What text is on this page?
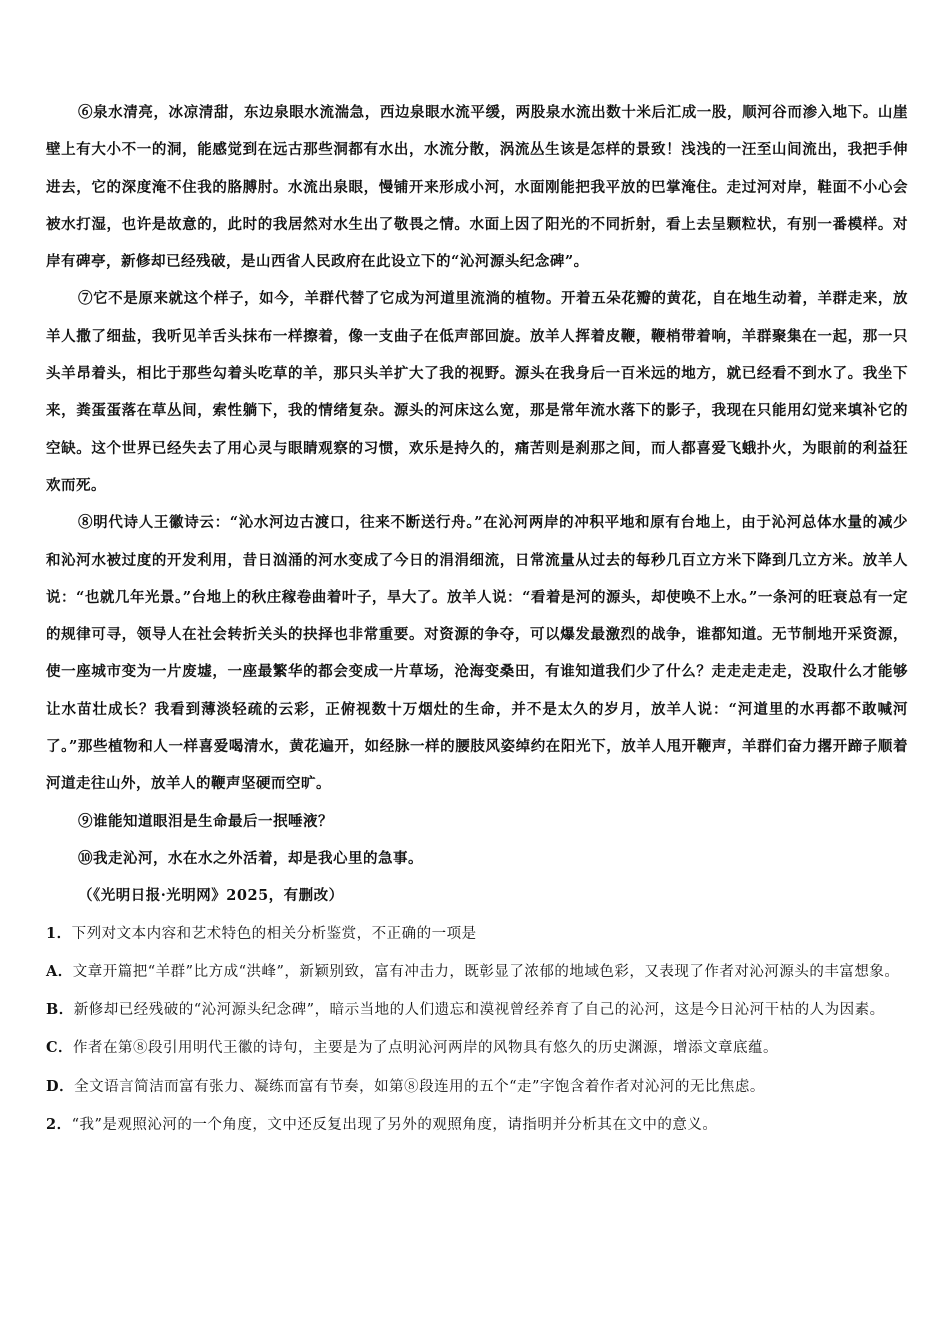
⑥泉水清亮，冰凉清甜，东边泉眼水流湍急，西边泉眼水流平缓，两股泉水流出数十米后汇成一股，顺河谷而渗入地下。山崖壁上有大小不一的洞，能感觉到在远古那些洞都有水出，水流分散，涡流丛生该是怎样的景致！浅浅的一汪至山间流出，我把手伸进去，它的深度淹不住我的胳膊肘。水流出泉眼，慢铺开来形成小河，水面刚能把我平放的巴掌淹住。走过河对岸，鞋面不小心会被水打湿，也许是故意的，此时的我居然对水生出了敬畏之情。水面上因了阳光的不同折射，看上去呈颗粒状，有别一番模样。对岸有碑亭，新修却已经残破，是山西省人民政府在此设立下的“沁河源头纪念碑”。

⑦它不是原来就这个样子，如今，羊群代替了它成为河道里流淌的植物。开着五朵花瓣的黄花，自在地生动着，羊群走来，放羊人撒了细盐，我听见羊舌头抹布一样擦着，像一支曲子在低声部回旋。放羊人挥着皮鞭，鞭梢带着响，羊群聚集在一起，那一只头羊昂着头，相比于那些勾着头吃草的羊，那只头羊扩大了我的视野。源头在我身后一百米远的地方，就已经看不到水了。我坐下来，粪蛋蛋落在草丛间，索性躺下，我的情绪复杂。源头的河床这么宽，那是常年流水落下的影子，我现在只能用幻觉来填补它的空缺。这个世界已经失去了用心灵与眼睛观察的习惯，欢乐是持久的，痛苦则是刹那之间，而人都喜爱飞蛾扑火，为眼前的利益狂欢而死。

⑧明代诗人王徽诗云：“沁水河边古渡口，往来不断送行舟。”在沁河两岸的冲积平地和原有台地上，由于沁河总体水量的减少和沁河水被过度的开发利用，昔日汹涌的河水变成了今日的涓涓细流，日常流量从过去的每秒几百立方米下降到几立方米。放羊人说：“也就几年光景。”台地上的秋庄稼卷曲着叶子，旱大了。放羊人说：“看着是河的源头，却使唤不上水。”一条河的旺衰总有一定的规律可寻，领导人在社会转折关头的抉择也非常重要。对资源的争夺，可以爆发最激烈的战争，谁都知道。无节制地开采资源，使一座城市变为一片废墟，一座最繁华的都会变成一片草场，沧海变桑田，有谁知道我们少了什么？走走走走走，没取什么才能够让水苗壮成长？我看到薄淡轻疏的云彩，正俯视数十万烟灶的生命，并不是太久的岁月，放羊人说：“河道里的水再都不敢喊河了。”那些植物和人一样喜爱喝清水，黄花遍开，如经脉一样的腰肢风姿绰约在阳光下，放羊人甩开鞭声，羊群们奋力撂开蹄子顺着河道走往山外，放羊人的鞭声坚硬而空旷。

⑨谁能知道眼泪是生命最后一抿唾液？

⑩我走沁河，水在水之外活着，却是我心里的急事。

（《光明日报·光明网》2025，有删改）

1．下列对文本内容和艺术特色的相关分析鉴赏，不正确的一项是

A．文章开篇把“羊群”比方成“洪峰”，新颖别致，富有冲击力，既彰显了浓郁的地域色彩，又表现了作者对沁河源头的丰富想象。

B．新修却已经残破的“沁河源头纪念碑”，暗示当地的人们遗忘和漠视曾经养育了自己的沁河，这是今日沁河干枯的人为因素。

C．作者在第⑧段引用明代王徽的诗句，主要是为了点明沁河两岸的风物具有悠久的历史渊源，增添文章底蕴。

D．全文语言简洁而富有张力、凝练而富有节奏，如第⑧段连用的五个“走”字饱含着作者对沁河的无比焦虑。

2．“我”是观照沁河的一个角度，文中还反复出现了另外的观照角度，请指明并分析其在文中的意义。
